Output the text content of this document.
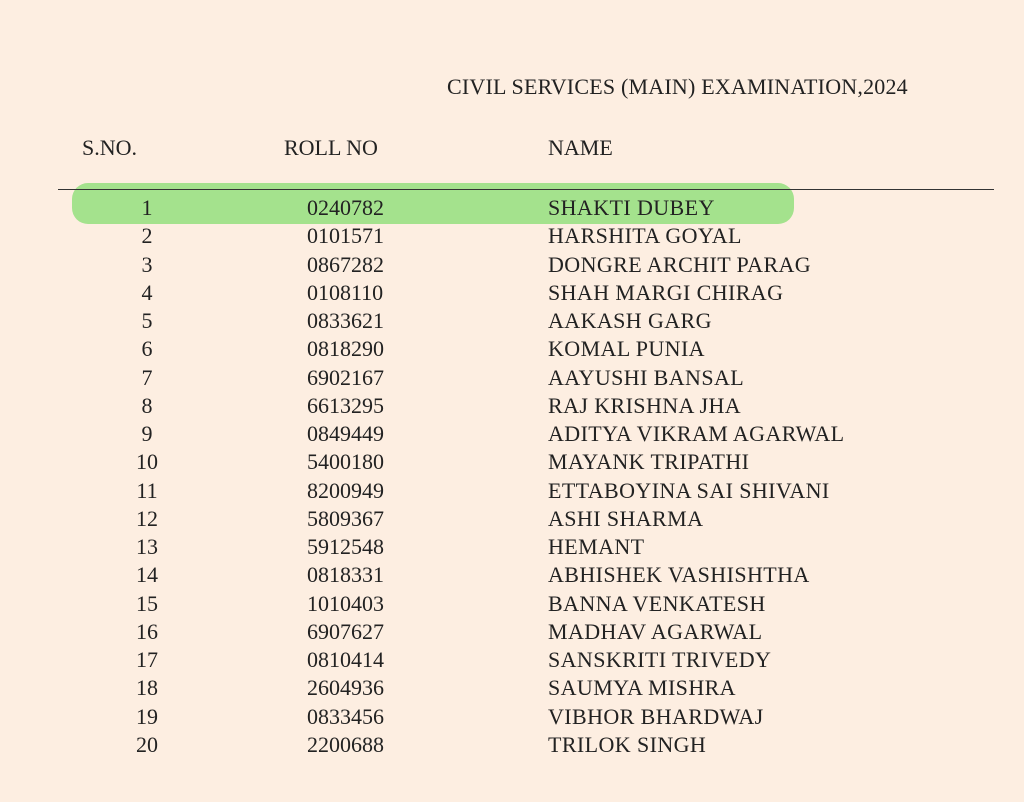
CIVIL SERVICES (MAIN) EXAMINATION,2024
S.NO.	ROLL NO	NAME
1	0240782	SHAKTI DUBEY
2	0101571	HARSHITA GOYAL
3	0867282	DONGRE ARCHIT PARAG
4	0108110	SHAH MARGI CHIRAG
5	0833621	AAKASH GARG
6	0818290	KOMAL PUNIA
7	6902167	AAYUSHI BANSAL
8	6613295	RAJ KRISHNA JHA
9	0849449	ADITYA VIKRAM AGARWAL
10	5400180	MAYANK TRIPATHI
11	8200949	ETTABOYINA SAI SHIVANI
12	5809367	ASHI SHARMA
13	5912548	HEMANT
14	0818331	ABHISHEK VASHISHTHA
15	1010403	BANNA VENKATESH
16	6907627	MADHAV AGARWAL
17	0810414	SANSKRITI TRIVEDY
18	2604936	SAUMYA MISHRA
19	0833456	VIBHOR BHARDWAJ
20	2200688	TRILOK SINGH
